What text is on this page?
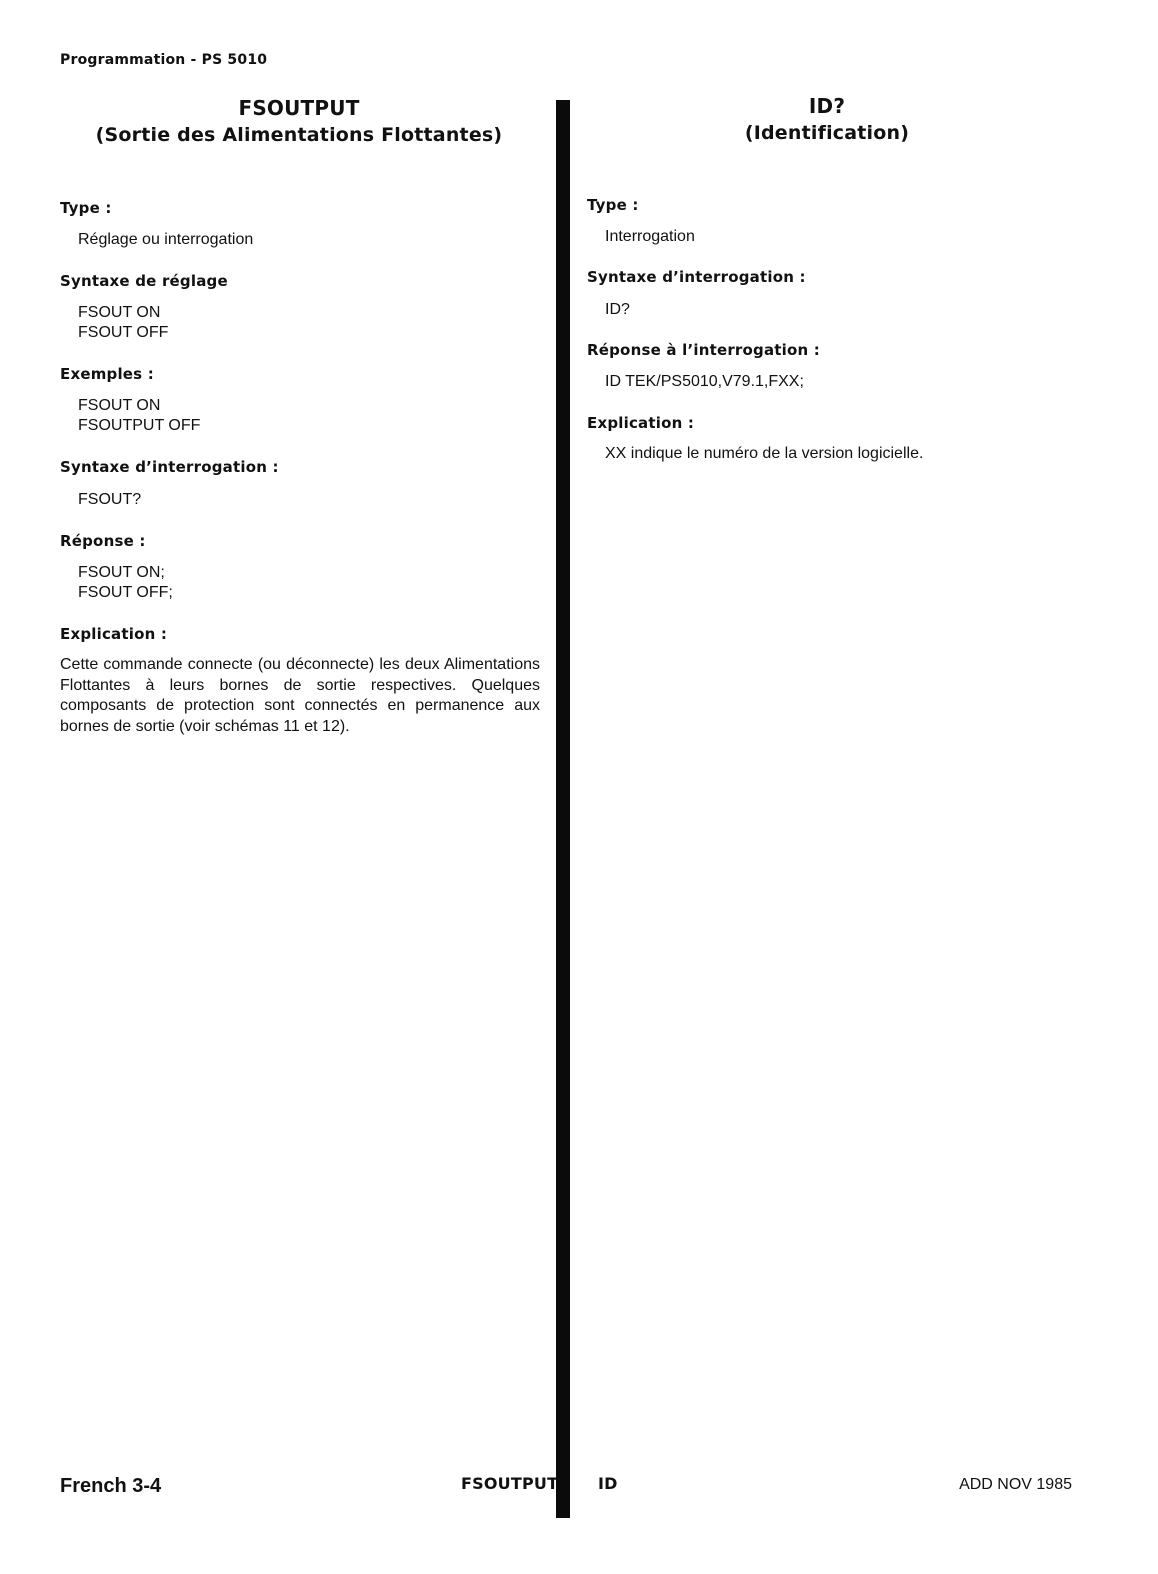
Programmation - PS 5010
FSOUTPUT
(Sortie des Alimentations Flottantes)
Type :
Réglage ou interrogation
Syntaxe de réglage
FSOUT ON
FSOUT OFF
Exemples :
FSOUT ON
FSOUTPUT OFF
Syntaxe d’interrogation :
FSOUT?
Réponse :
FSOUT ON;
FSOUT OFF;
Explication :
Cette commande connecte (ou déconnecte) les deux Alimentations Flottantes à leurs bornes de sortie respectives. Quelques composants de protection sont connectés en permanence aux bornes de sortie (voir schémas 11 et 12).
ID?
(Identification)
Type :
Interrogation
Syntaxe d’interrogation :
ID?
Réponse à l’interrogation :
ID TEK/PS5010,V79.1,FXX;
Explication :
XX indique le numéro de la version logicielle.
French 3-4	FSOUTPUT ID	ADD NOV 1985
